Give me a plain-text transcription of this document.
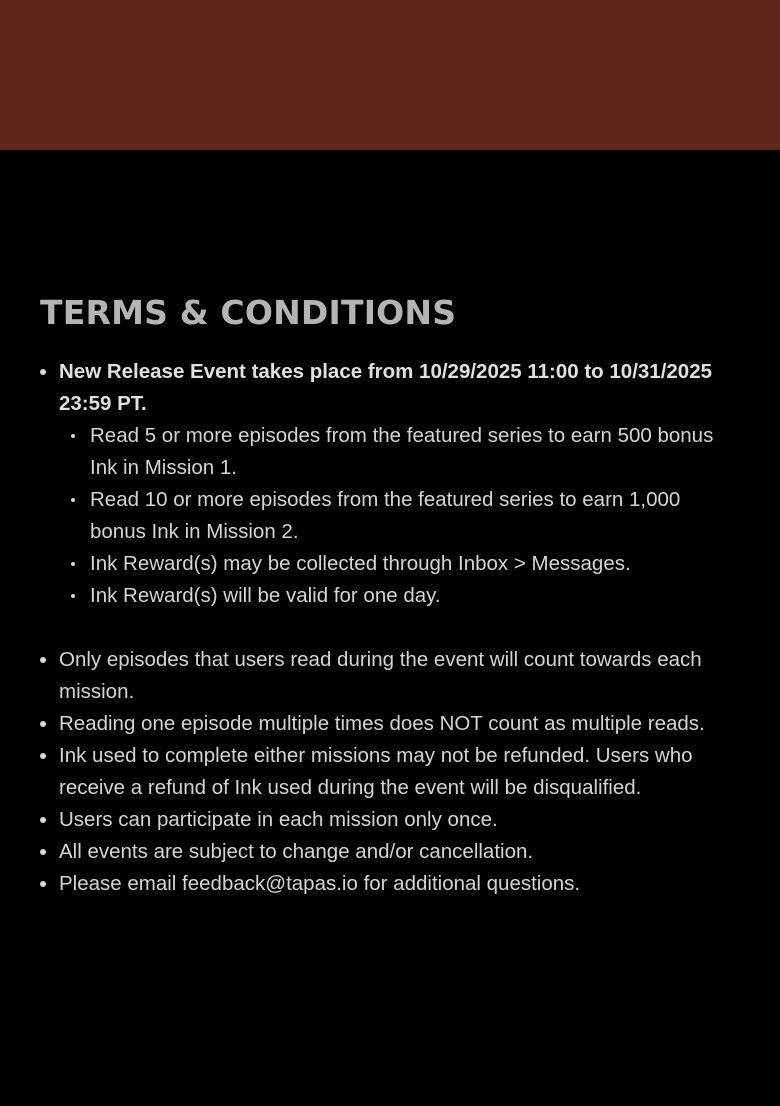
TERMS & CONDITIONS
New Release Event takes place from 10/29/2025 11:00 to 10/31/2025 23:59 PT.
Read 5 or more episodes from the featured series to earn 500 bonus Ink in Mission 1.
Read 10 or more episodes from the featured series to earn 1,000 bonus Ink in Mission 2.
Ink Reward(s) may be collected through Inbox > Messages.
Ink Reward(s) will be valid for one day.
Only episodes that users read during the event will count towards each mission.
Reading one episode multiple times does NOT count as multiple reads.
Ink used to complete either missions may not be refunded. Users who receive a refund of Ink used during the event will be disqualified.
Users can participate in each mission only once.
All events are subject to change and/or cancellation.
Please email feedback@tapas.io for additional questions.
